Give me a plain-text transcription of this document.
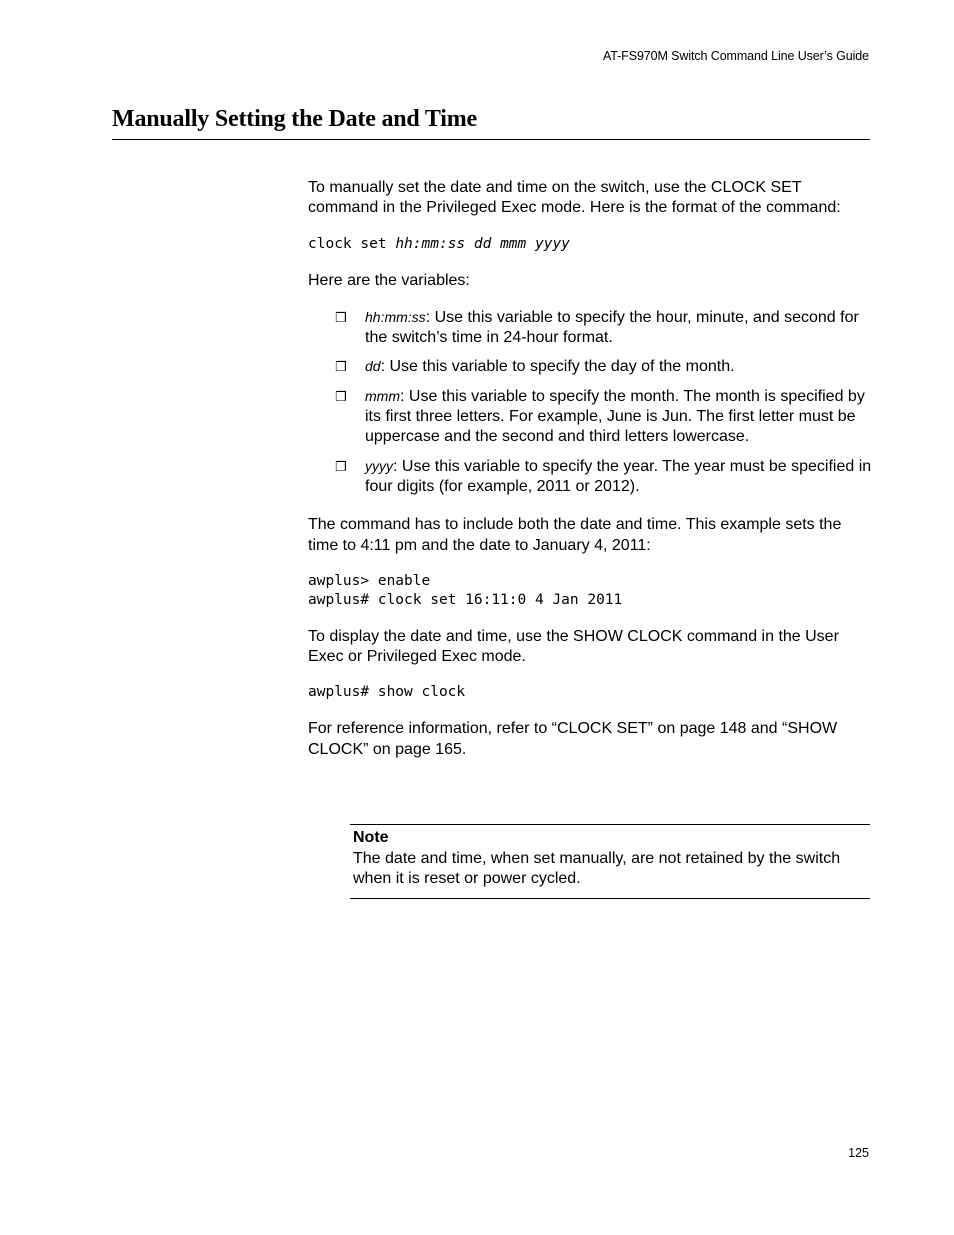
AT-FS970M Switch Command Line User’s Guide
Manually Setting the Date and Time

To manually set the date and time on the switch, use the CLOCK SET command in the Privileged Exec mode. Here is the format of the command:

clock set hh:mm:ss dd mmm yyyy

Here are the variables:

❒ hh:mm:ss: Use this variable to specify the hour, minute, and second for the switch’s time in 24-hour format.
❒ dd: Use this variable to specify the day of the month.
❒ mmm: Use this variable to specify the month. The month is specified by its first three letters. For example, June is Jun. The first letter must be uppercase and the second and third letters lowercase.
❒ yyyy: Use this variable to specify the year. The year must be specified in four digits (for example, 2011 or 2012).

The command has to include both the date and time. This example sets the time to 4:11 pm and the date to January 4, 2011:

awplus> enable
awplus# clock set 16:11:0 4 Jan 2011

To display the date and time, use the SHOW CLOCK command in the User Exec or Privileged Exec mode.

awplus# show clock

For reference information, refer to “CLOCK SET” on page 148 and “SHOW CLOCK” on page 165.

Note
The date and time, when set manually, are not retained by the switch when it is reset or power cycled.
125
